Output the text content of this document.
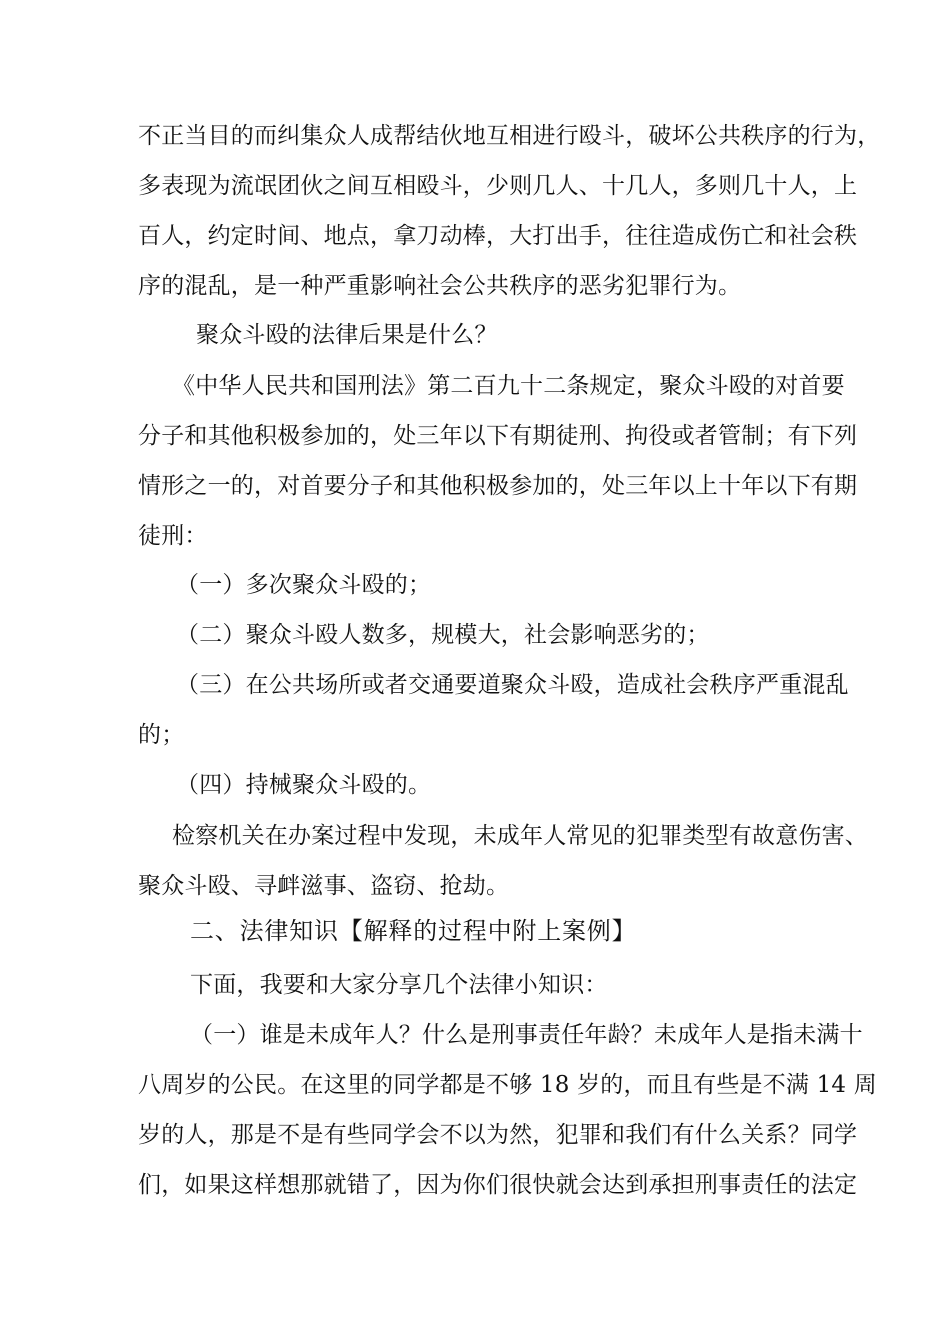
不正当目的而纠集众人成帮结伙地互相进行殴斗，破坏公共秩序的行为，
多表现为流氓团伙之间互相殴斗，少则几人、十几人，多则几十人，上
百人，约定时间、地点，拿刀动棒，大打出手，往往造成伤亡和社会秩
序的混乱，是一种严重影响社会公共秩序的恶劣犯罪行为。
聚众斗殴的法律后果是什么？
《中华人民共和国刑法》第二百九十二条规定，聚众斗殴的对首要
分子和其他积极参加的，处三年以下有期徒刑、拘役或者管制；有下列
情形之一的，对首要分子和其他积极参加的，处三年以上十年以下有期
徒刑：
（一）多次聚众斗殴的；
（二）聚众斗殴人数多，规模大，社会影响恶劣的；
（三）在公共场所或者交通要道聚众斗殴，造成社会秩序严重混乱
的；
（四）持械聚众斗殴的。
检察机关在办案过程中发现，未成年人常见的犯罪类型有故意伤害、
聚众斗殴、寻衅滋事、盗窃、抢劫。
二、法律知识【解释的过程中附上案例】
下面，我要和大家分享几个法律小知识：
（一）谁是未成年人？什么是刑事责任年龄？未成年人是指未满十
八周岁的公民。在这里的同学都是不够 18 岁的，而且有些是不满 14 周
岁的人，那是不是有些同学会不以为然，犯罪和我们有什么关系？同学
们，如果这样想那就错了，因为你们很快就会达到承担刑事责任的法定
